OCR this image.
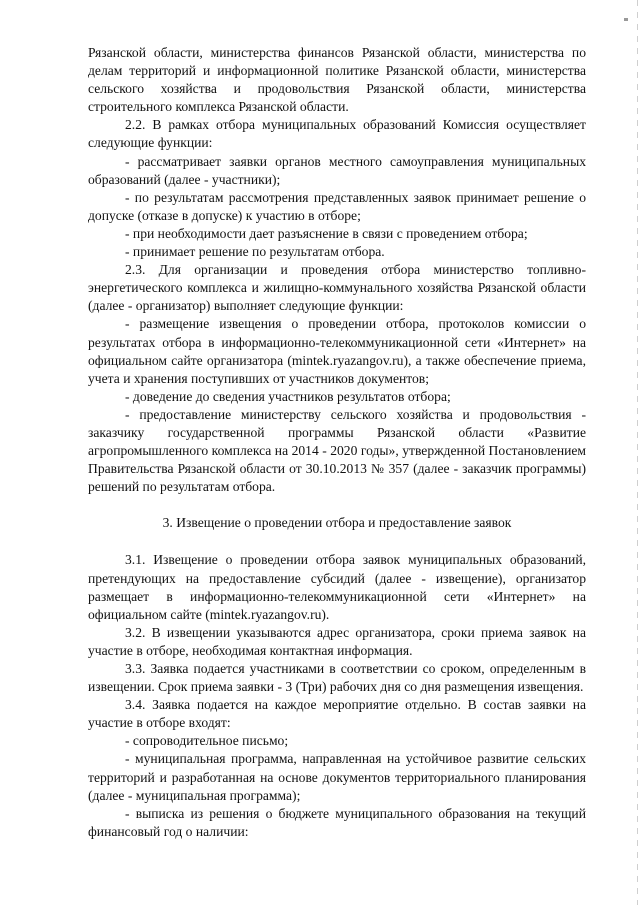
Рязанской области, министерства финансов Рязанской области, министерства по делам территорий и информационной политике Рязанской области, министерства сельского хозяйства и продовольствия Рязанской области, министерства строительного комплекса Рязанской области.

2.2. В рамках отбора муниципальных образований Комиссия осуществляет следующие функции:

- рассматривает заявки органов местного самоуправления муниципальных образований (далее - участники);

- по результатам рассмотрения представленных заявок принимает решение о допуске (отказе в допуске) к участию в отборе;

- при необходимости дает разъяснение в связи с проведением отбора;

- принимает решение по результатам отбора.

2.3. Для организации и проведения отбора министерство топливно-энергетического комплекса и жилищно-коммунального хозяйства Рязанской области (далее - организатор) выполняет следующие функции:

- размещение извещения о проведении отбора, протоколов комиссии о результатах отбора в информационно-телекоммуникационной сети «Интернет» на официальном сайте организатора (mintek.ryazangov.ru), а также обеспечение приема, учета и хранения поступивших от участников документов;

- доведение до сведения участников результатов отбора;

- предоставление министерству сельского хозяйства и продовольствия - заказчику государственной программы Рязанской области «Развитие агропромышленного комплекса на 2014 - 2020 годы», утвержденной Постановлением Правительства Рязанской области от 30.10.2013 № 357 (далее - заказчик программы) решений по результатам отбора.

3. Извещение о проведении отбора и предоставление заявок

3.1. Извещение о проведении отбора заявок муниципальных образований, претендующих на предоставление субсидий (далее - извещение), организатор размещает в информационно-телекоммуникационной сети «Интернет» на официальном сайте (mintek.ryazangov.ru).

3.2. В извещении указываются адрес организатора, сроки приема заявок на участие в отборе, необходимая контактная информация.

3.3. Заявка подается участниками в соответствии со сроком, определенным в извещении. Срок приема заявки - 3 (Три) рабочих дня со дня размещения извещения.

3.4. Заявка подается на каждое мероприятие отдельно. В состав заявки на участие в отборе входят:

- сопроводительное письмо;

- муниципальная программа, направленная на устойчивое развитие сельских территорий и разработанная на основе документов территориального планирования (далее - муниципальная программа);

- выписка из решения о бюджете муниципального образования на текущий финансовый год о наличии:
